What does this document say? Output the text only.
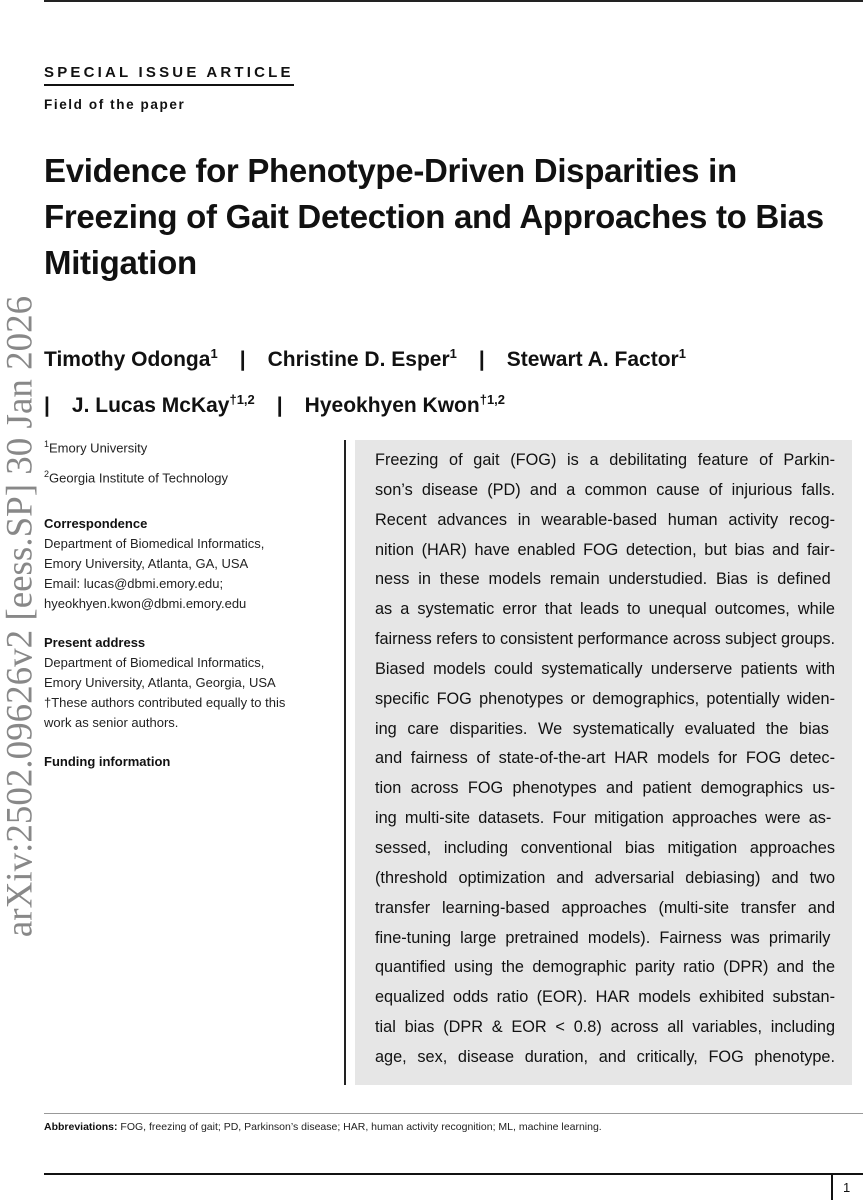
SPECIAL ISSUE ARTICLE
Field of the paper
Evidence for Phenotype-Driven Disparities in
Freezing of Gait Detection and Approaches to Bias
Mitigation
Timothy Odonga$^1$ | Christine D. Esper$^1$ | Stewart A. Factor$^1$
| J. Lucas McKay$^{\dagger 1,2}$ | Hyeokhyen Kwon$^{\dagger 1,2}$
arXiv:2502.09626v2 [eess.SP] 30 Jan 2026 $^1$Emory University
$^2$Georgia Institute of Technology
Correspondence
Department of Biomedical Informatics,
Emory University, Atlanta, GA, USA
Email: lucas@dbmi.emory.edu;
hyeokhyen.kwon@dbmi.emory.edu
Present address
Department of Biomedical Informatics,
Emory University, Atlanta, Georgia, USA
†These authors contributed equally to this
work as senior authors.
Funding information
Freezing of gait (FOG) is a debilitating feature of Parkin-
son’s disease (PD) and a common cause of injurious falls.
Recent advances in wearable-based human activity recog-
nition (HAR) have enabled FOG detection, but bias and fair-
ness in these models remain understudied. Bias is defined
as a systematic error that leads to unequal outcomes, while
fairness refers to consistent performance across subject groups.
Biased models could systematically underserve patients with
specific FOG phenotypes or demographics, potentially widen-
ing care disparities. We systematically evaluated the bias
and fairness of state-of-the-art HAR models for FOG detec-
tion across FOG phenotypes and patient demographics us-
ing multi-site datasets. Four mitigation approaches were as-
sessed, including conventional bias mitigation approaches
(threshold optimization and adversarial debiasing) and two
transfer learning-based approaches (multi-site transfer and
fine-tuning large pretrained models). Fairness was primarily
quantified using the demographic parity ratio (DPR) and the
equalized odds ratio (EOR). HAR models exhibited substan-
tial bias (DPR & EOR < 0.8) across all variables, including
age, sex, disease duration, and critically, FOG phenotype.
Abbreviations: FOG, freezing of gait; PD, Parkinson’s disease; HAR, human activity recognition; ML, machine learning.
1
